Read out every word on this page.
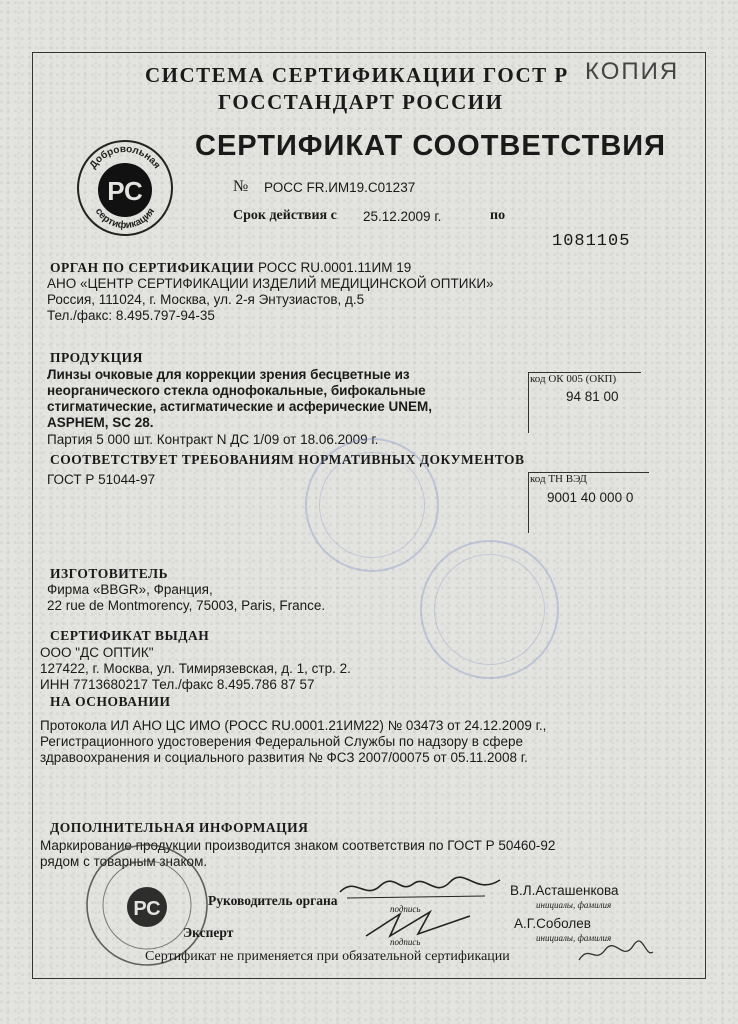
СИСТЕМА СЕРТИФИКАЦИИ ГОСТ Р
ГОССТАНДАРТ РОССИИ
КОПИЯ
РС
Добровольная
сертификация
СЕРТИФИКАТ СООТВЕТСТВИЯ
№ РОСС FR.ИМ19.С01237
Срок действия с 25.12.2009 г.	по
1081105
ОРГАН ПО СЕРТИФИКАЦИИ РОСС RU.0001.11ИМ 19
АНО «ЦЕНТР СЕРТИФИКАЦИИ ИЗДЕЛИЙ МЕДИЦИНСКОЙ ОПТИКИ»
Россия, 111024, г. Москва, ул. 2-я Энтузиастов, д.5
Тел./факс: 8.495.797-94-35
ПРОДУКЦИЯ
Линзы очковые для коррекции зрения бесцветные из
неорганического стекла однофокальные, бифокальные
стигматические, астигматические и асферические UNEM,
ASPHEM, SC 28.
Партия 5 000 шт. Контракт N ДС 1/09 от 18.06.2009 г.
код ОК 005 (ОКП)
94 81 00
СООТВЕТСТВУЕТ ТРЕБОВАНИЯМ НОРМАТИВНЫХ ДОКУМЕНТОВ
ГОСТ Р 51044-97	код ТН ВЭД
9001 40 000 0
ИЗГОТОВИТЕЛЬ
Фирма «BBGR», Франция,
22 rue de Montmorency, 75003, Paris, France.
СЕРТИФИКАТ ВЫДАН
ООО "ДС ОПТИК"
127422, г. Москва, ул. Тимирязевская, д. 1, стр. 2.
ИНН 7713680217 Тел./факс 8.495.786 87 57
НА ОСНОВАНИИ
Протокола ИЛ АНО ЦС ИМО (РОСС RU.0001.21ИМ22) № 03473 от 24.12.2009 г.,
Регистрационного удостоверения Федеральной Службы по надзору в сфере
здравоохранения и социального развития № ФСЗ 2007/00075 от 05.11.2008 г.
ДОПОЛНИТЕЛЬНАЯ ИНФОРМАЦИЯ
Маркирование продукции производится знаком соответствия по ГОСТ Р 50460-92
рядом с товарным знаком.
РС	Руководитель органа
подпись
В.Л.Асташенкова
инициалы, фамилия
Эксперт
подпись
А.Г.Соболев
инициалы, фамилия
Сертификат не применяется при обязательной сертификации
